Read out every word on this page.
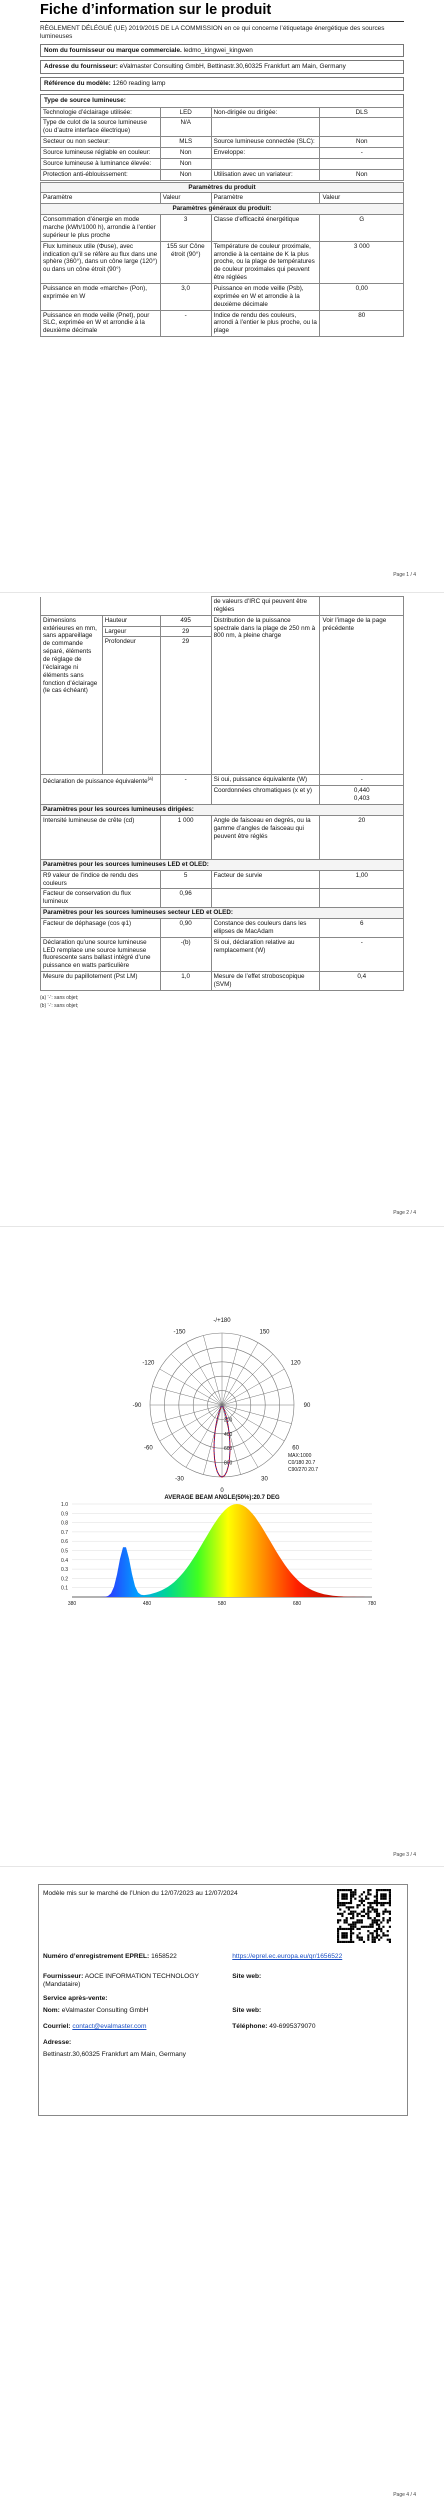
Fiche d’information sur le produit
RÈGLEMENT DÉLÉGUÉ (UE) 2019/2015 DE LA COMMISSION en ce qui concerne l’étiquetage énergétique des sources lumineuses
Nom du fournisseur ou marque commerciale. ledmo_kingwei_kingwen
Adresse du fournisseur: eValmaster Consulting GmbH, Bettinastr.30,60325 Frankfurt am Main, Germany
Référence du modèle: 1260 reading lamp
Type de source lumineuse:
Technologie d’éclairage utilisée:	LED	Non-dirigée ou dirigée:	DLS
Type de culot de la source lumineuse
(ou d’autre interface électrique)	N/A		
Secteur ou non secteur:	MLS	Source lumineuse connectée (SLC):	Non
Source lumineuse réglable en couleur:	Non	Enveloppe:	-
Source lumineuse à luminance élevée:	Non		
Protection anti-éblouissement:	Non	Utilisation avec un variateur:	Non
Paramètres du produit			
Paramètre	Valeur	Paramètre	Valeur
Paramètres généraux du produit:			
Consommation d’énergie en mode marche (kWh/1000 h), arrondie à l’entier supérieur le plus proche	3	Classe d’efficacité énergétique	G
Flux lumineux utile (Φuse), avec indication qu’il se réfère au flux dans une sphère (360°), dans un cône large (120°) ou dans un cône étroit (90°)	155 sur Cône étroit (90°)	Température de couleur proximale, arrondie à la centaine de K la plus proche, ou la plage de températures de couleur proximales qui peuvent être réglées	3 000
Puissance en mode «marche» (Pon), exprimée en W	3,0	Puissance en mode veille (Psb), exprimée en W et arrondie à la deuxième décimale	0,00
Puissance en mode veille (Pnet), pour SLC, exprimée en W et arrondie à la deuxième décimale	-	Indice de rendu des couleurs, arrondi à l’entier le plus proche, ou la plage	80
Page 1 / 4
			de valeurs d’IRC qui peuvent être réglées	
Dimensions extérieures en mm, sans appareillage de commande séparé, éléments de réglage de l’éclairage ni éléments sans fonction d’éclairage (le cas échéant)	Hauteur	495	Distribution de la puissance spectrale dans la plage de 250 nm à 800 nm, à pleine charge	Voir l’image de la page précédente
	Largeur	29		
	Profondeur	29		
Déclaration de puissance équivalente$^{(a)}$		-	Si oui, puissance équivalente (W)	-
			Coordonnées chromatiques (x et y)	0,440
0,403
Paramètres pour les sources lumineuses dirigées:			
Intensité lumineuse de crête (cd)	1 000	Angle de faisceau en degrés, ou la gamme d’angles de faisceau qui peuvent être réglés	20
Paramètres pour les sources lumineuses LED et OLED:			
R9 valeur de l’indice de rendu des couleurs	5	Facteur de survie	1,00
Facteur de conservation du flux lumineux	0,96		
Paramètres pour les sources lumineuses secteur LED et OLED:			
Facteur de déphasage (cos φ1)	0,90	Constance des couleurs dans les ellipses de MacAdam	6
Déclaration qu’une source lumineuse LED remplace une source lumineuse fluorescente sans ballast intégré d’une puissance en watts particulière	-(b)	Si oui, déclaration relative au remplacement (W)	-
Mesure du papillotement (Pst LM)	1,0	Mesure de l’effet stroboscopique (SVM)	0,4
(a) ‘-’: sans objet;
(b) ‘-’: sans objet;
Page 2 / 4
-/+180
150
-150
120
-120
90
-90
60
-60
30
-30
0
800
600
400
200
MAX:1000
C0/180 20.7
C90/270 20.7
AVERAGE BEAM ANGLE(50%):20.7 DEG
1.0
0.9
0.8
0.7
0.6
0.5
0.4
0.3
0.2
0.1
380	480	580	680	780
Page 3 / 4
Modèle mis sur le marché de l’Union du 12/07/2023 au 12/07/2024
Numéro d’enregistrement EPREL: 1658522	https://eprel.ec.europa.eu/qr/1656522
Fournisseur: AOCE INFORMATION TECHNOLOGY (Mandataire)	Site web:
Service après-vente:	
Nom: eValmaster Consulting GmbH	Site web:
Courriel: contact@evalmaster.com	Téléphone: 49-6995379070
Adresse:	
Bettinastr.30,60325 Frankfurt am Main, Germany	
Page 4 / 4
